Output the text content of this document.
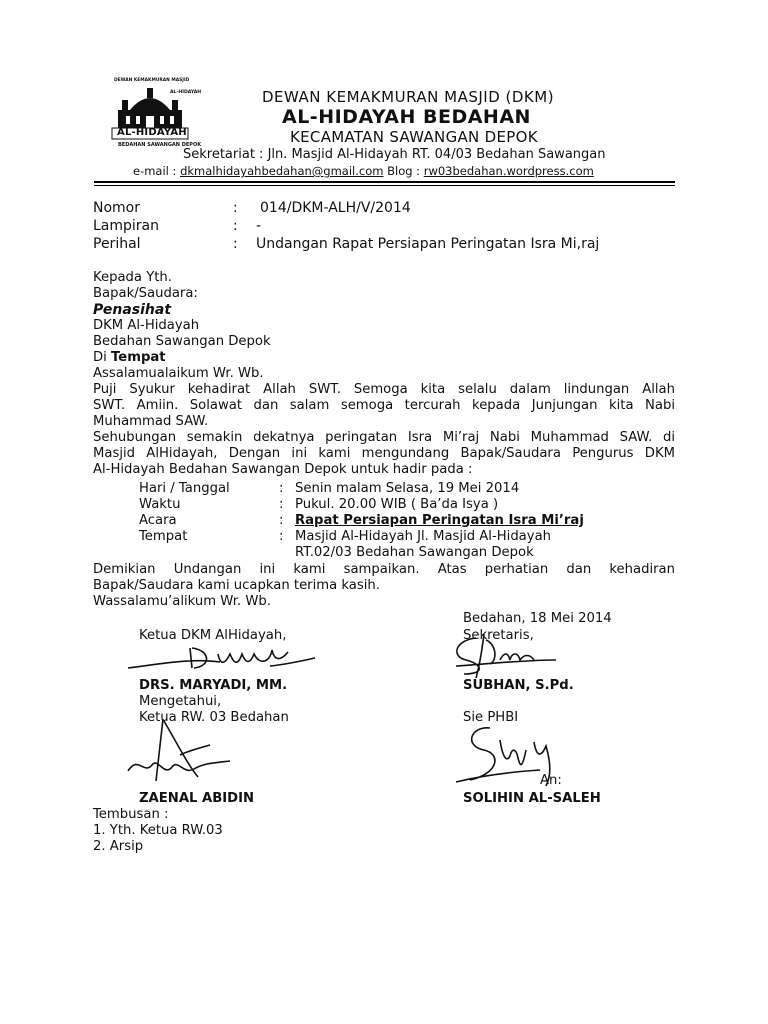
AL-HIDAYAH
DEWAN KEMAKMURAN MASJID
AL-HIDAYAH
BEDAHAN SAWANGAN DEPOK
DEWAN KEMAKMURAN MASJID (DKM)
AL-HIDAYAH BEDAHAN
KECAMATAN SAWANGAN DEPOK
Sekretariat : Jln. Masjid Al-Hidayah RT. 04/03 Bedahan Sawangan
e-mail : dkmalhidayahbedahan@gmail.com Blog : rw03bedahan.wordpress.com
Nomor	: 014/DKM-ALH/V/2014
Lampiran	: -
Perihal	: Undangan Rapat Persiapan Peringatan Isra Mi,raj
Kepada Yth.
Bapak/Saudara:
Penasihat
DKM Al-Hidayah
Bedahan Sawangan Depok
Di Tempat
Assalamualaikum Wr. Wb.
Puji Syukur kehadirat Allah SWT. Semoga kita selalu dalam lindungan Allah
SWT. Amiin. Solawat dan salam semoga tercurah kepada Junjungan kita Nabi
Muhammad SAW.
Sehubungan semakin dekatnya peringatan Isra Mi’raj Nabi Muhammad SAW. di
Masjid AlHidayah, Dengan ini kami mengundang Bapak/Saudara Pengurus DKM
Al-Hidayah Bedahan Sawangan Depok untuk hadir pada :
Hari / Tanggal	: Senin malam Selasa, 19 Mei 2014
Waktu	: Pukul. 20.00 WIB ( Ba’da Isya )
Acara	: Rapat Persiapan Peringatan Isra Mi’raj
Tempat	: Masjid Al-Hidayah Jl. Masjid Al-Hidayah
RT.02/03 Bedahan Sawangan Depok
Demikian Undangan ini kami sampaikan. Atas perhatian dan kehadiran
Bapak/Saudara kami ucapkan terima kasih.
Wassalamu’alikum Wr. Wb.
Bedahan, 18 Mei 2014
Ketua DKM AlHidayah,	Sekretaris,
DRS. MARYADI, MM.	SUBHAN, S.Pd.
Mengetahui,
Ketua RW. 03 Bedahan	Sie PHBI
An:
ZAENAL ABIDIN	SOLIHIN AL-SALEH
Tembusan :
1. Yth. Ketua RW.03
2. Arsip
